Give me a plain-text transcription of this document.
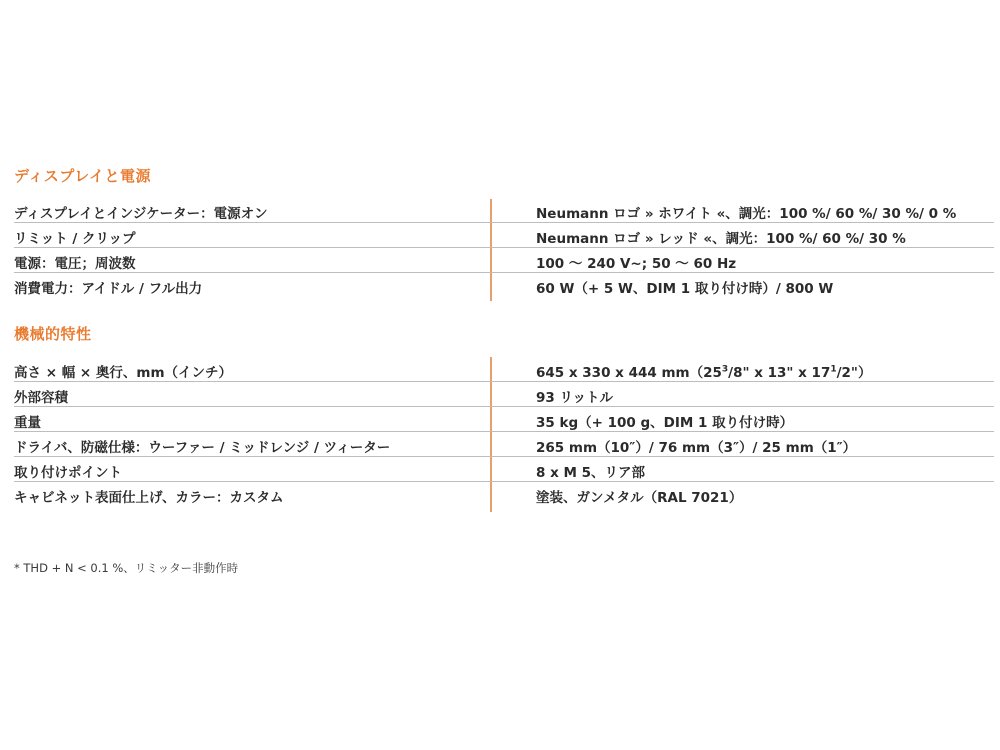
ディスプレイと電源
ディスプレイとインジケーター：電源オン	Neumann ロゴ » ホワイト «、調光：100 %/ 60 %/ 30 %/ 0 %
リミット / クリップ	Neumann ロゴ » レッド «、調光：100 %/ 60 %/ 30 %
電源：電圧；周波数	100 ～ 240 V~; 50 ～ 60 Hz
消費電力：アイドル / フル出力	60 W（+ 5 W、DIM 1 取り付け時）/ 800 W
機械的特性
高さ × 幅 × 奥行、mm（インチ）	645 x 330 x 444 $mm(25^3/8$" x 13" x $17^1/2$"）
外部容積	93 リットル
重量	35 kg（+ 100 g、DIM 1 取り付け時）
ドライバ、防磁仕様：ウーファー / ミッドレンジ / ツィーター	265 mm（10″）/ 76 mm（3″）/ 25 mm（1″）
取り付けポイント	8 x M 5、リア部
キャビネット表面仕上げ、カラー：カスタム	塗装、ガンメタル（RAL 7021）
* THD + N < 0.1 %、リミッター非動作時
